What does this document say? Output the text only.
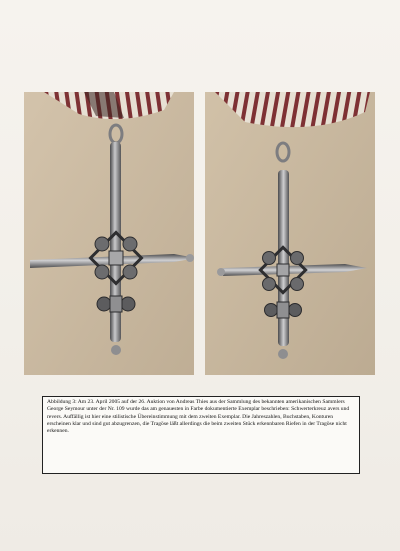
Abbildung 3: Am 23. April 2005 auf der 26. Auktion von Andreas Thies aus der Sammlung des bekannten amerikanischen Sammlers George Seymour unter der Nr. 109 wurde das am genauesten in Farbe dokumentierte Exemplar beschrieben: Schwerterkreuz avers und revers. Auffällig ist hier eine stilistische Übereinstimmung mit dem zweiten Exemplar. Die Jahreszahlen, Buchstaben, Konturen erscheinen klar und sind gut abzugrenzen, die Tragöse läßt allerdings die beim zweiten Stück erkennbaren Riefen in der Tragöse nicht erkennen.
